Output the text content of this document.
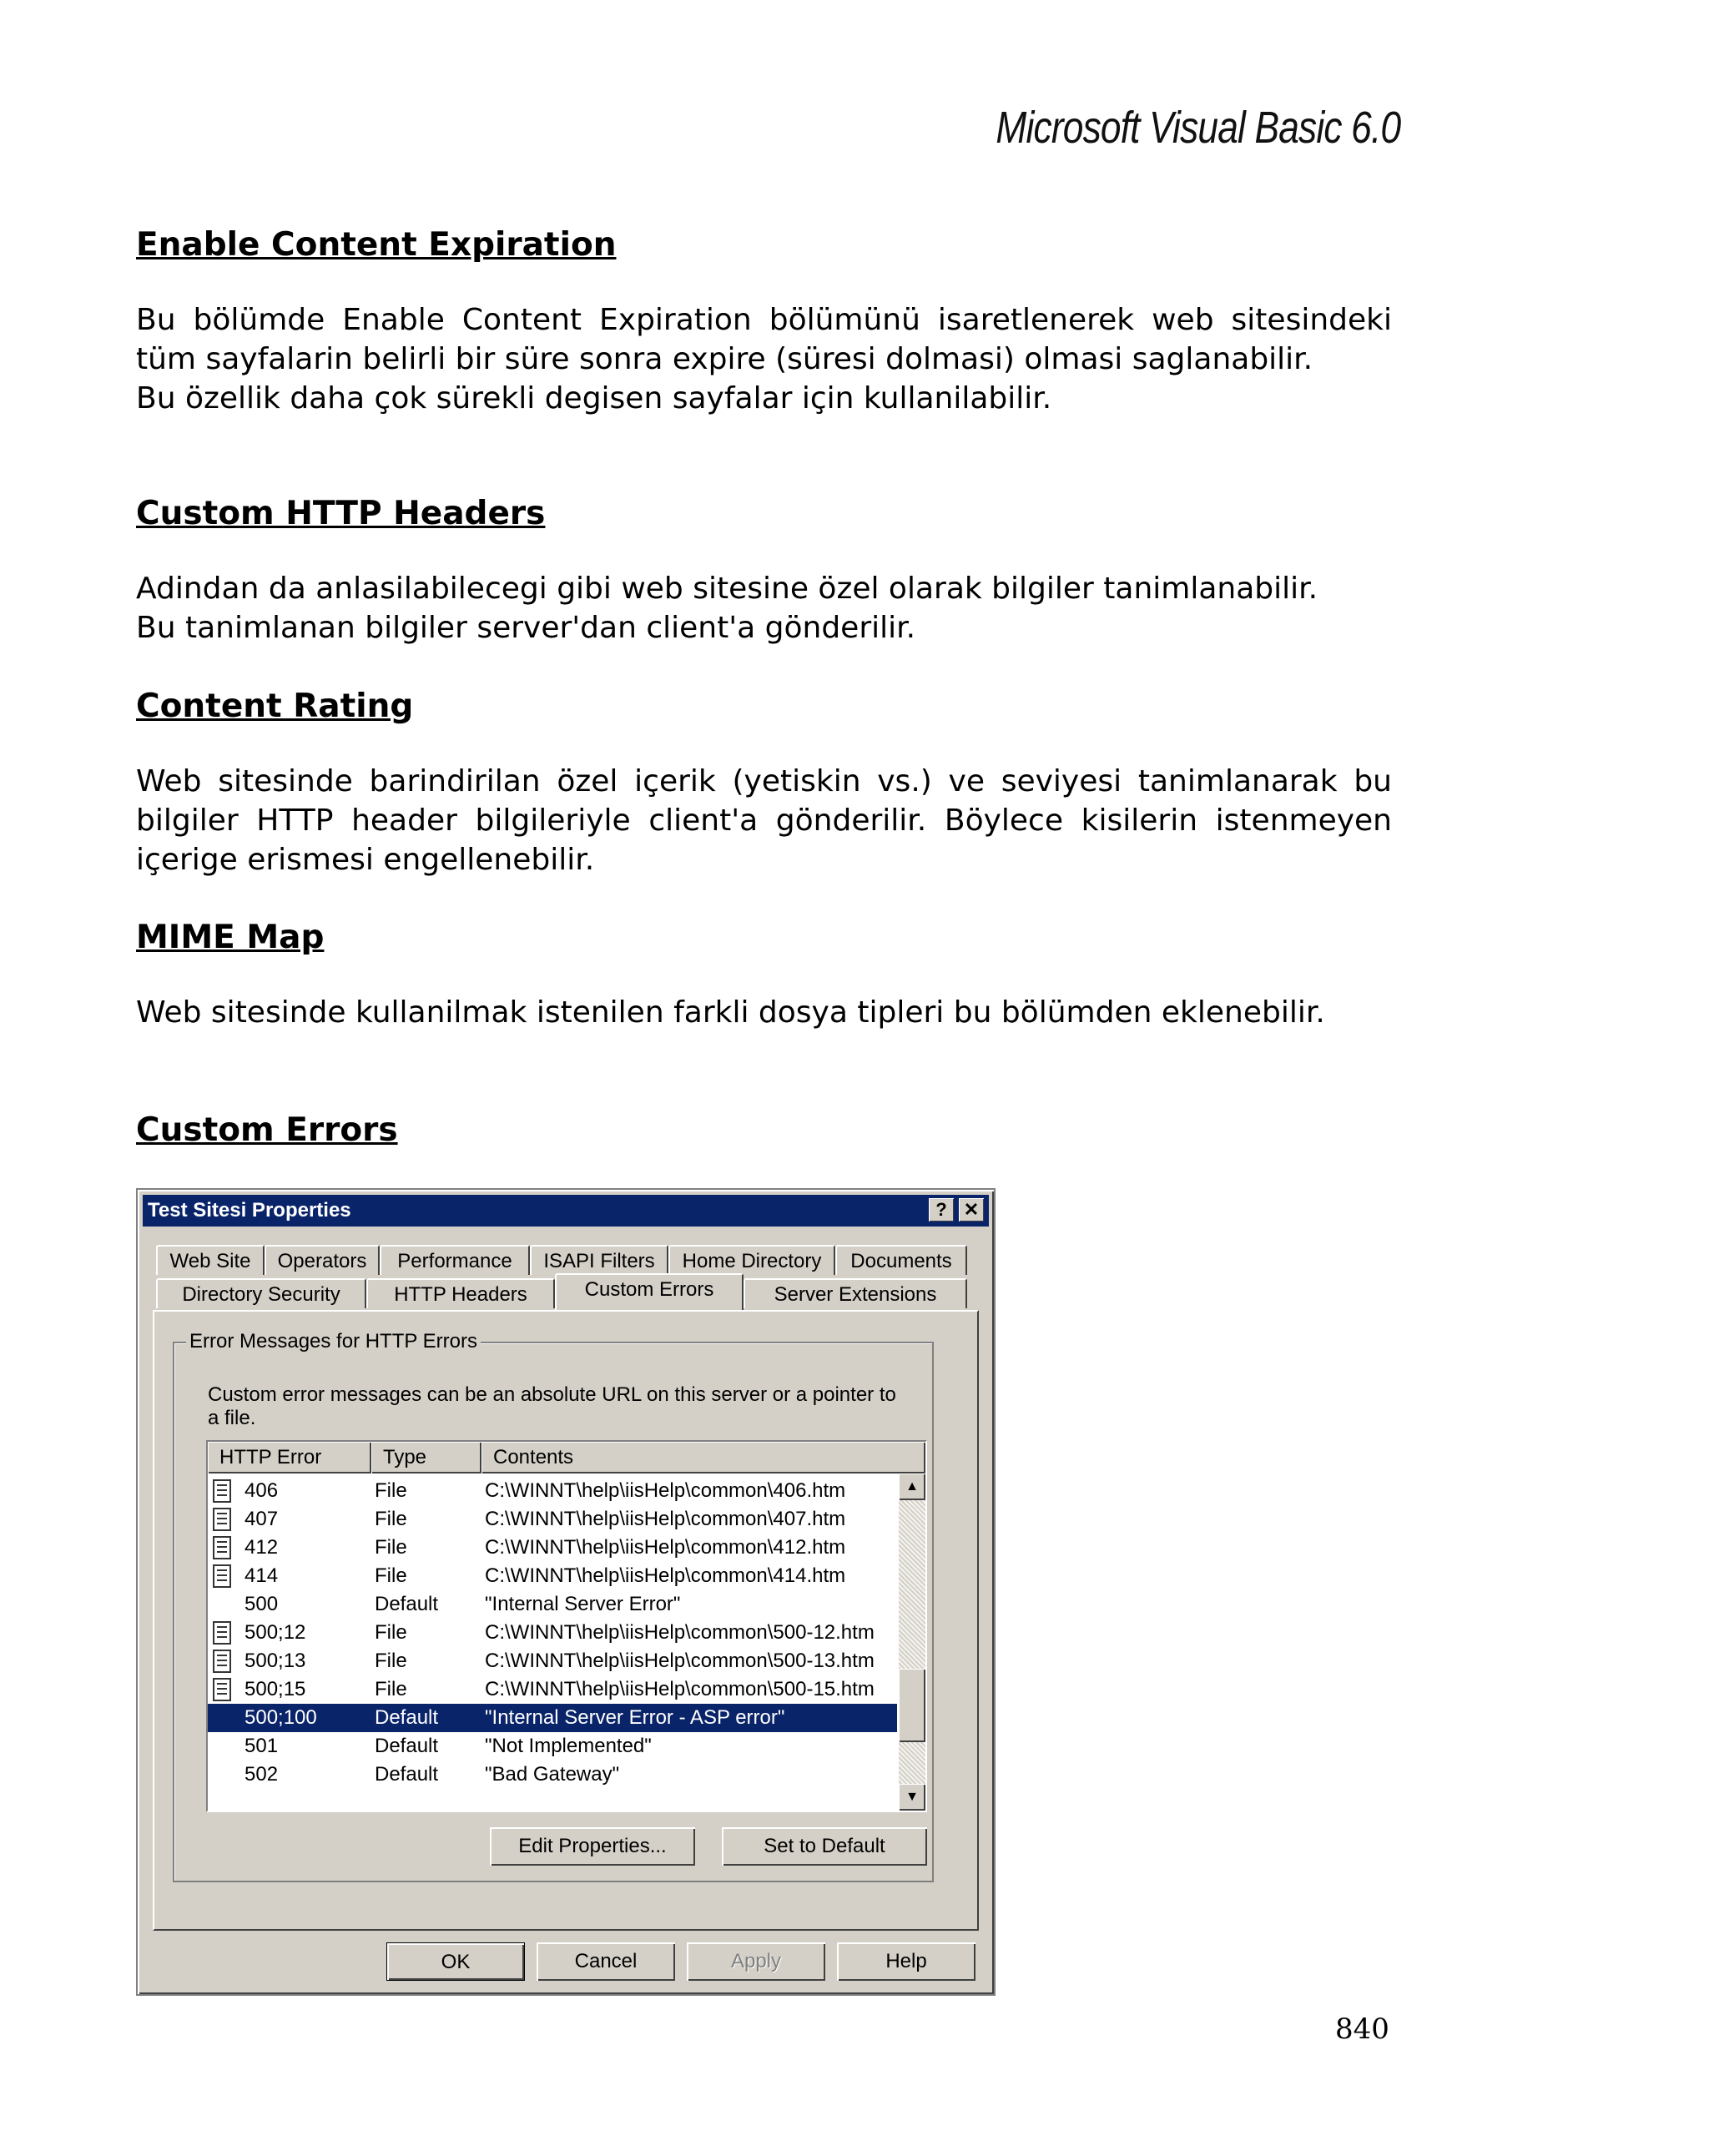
Microsoft Visual Basic 6.0
Enable Content Expiration

Bu bölümde Enable Content Expiration bölümünü isaretlenerek web sitesindeki tüm sayfalarin belirli bir süre sonra expire (süresi dolmasi) olmasi saglanabilir.

Bu özellik daha çok sürekli degisen sayfalar için kullanilabilir.

Custom HTTP Headers

Adindan da anlasilabilecegi gibi web sitesine özel olarak bilgiler tanimlanabilir.

Bu tanimlanan bilgiler server'dan client'a gönderilir.

Content Rating

Web sitesinde barindirilan özel içerik (yetiskin vs.) ve seviyesi tanimlanarak bu bilgiler HTTP header bilgileriyle client'a gönderilir. Böylece kisilerin istenmeyen içerige erismesi engellenebilir.

MIME Map

Web sitesinde kullanilmak istenilen farkli dosya tipleri bu bölümden eklenebilir.

Custom Errors
Test Sitesi Properties	? ✕
Web Site	Operators	Performance	ISAPI Filters	Home Directory	Documents
Directory Security	HTTP Headers	Custom Errors	Server Extensions
Error Messages for HTTP Errors
Custom error messages can be an absolute URL on this server or a pointer to a file.
HTTP Error	Type	Contents
406	File	C:\WINNT\help\iisHelp\common\406.htm
407	File	C:\WINNT\help\iisHelp\common\407.htm
412	File	C:\WINNT\help\iisHelp\common\412.htm
414	File	C:\WINNT\help\iisHelp\common\414.htm
500	Default "Internal Server Error"
500;12	File	C:\WINNT\help\iisHelp\common\500-12.htm
500;13	File	C:\WINNT\help\iisHelp\common\500-13.htm
500;15	File	C:\WINNT\help\iisHelp\common\500-15.htm
500;100	Default "Internal Server Error - ASP error"
501	Default "Not Implemented"
502	Default "Bad Gateway"
▲
▼
Edit Properties...	Set to Default
OK	Cancel	Apply	Help
840
